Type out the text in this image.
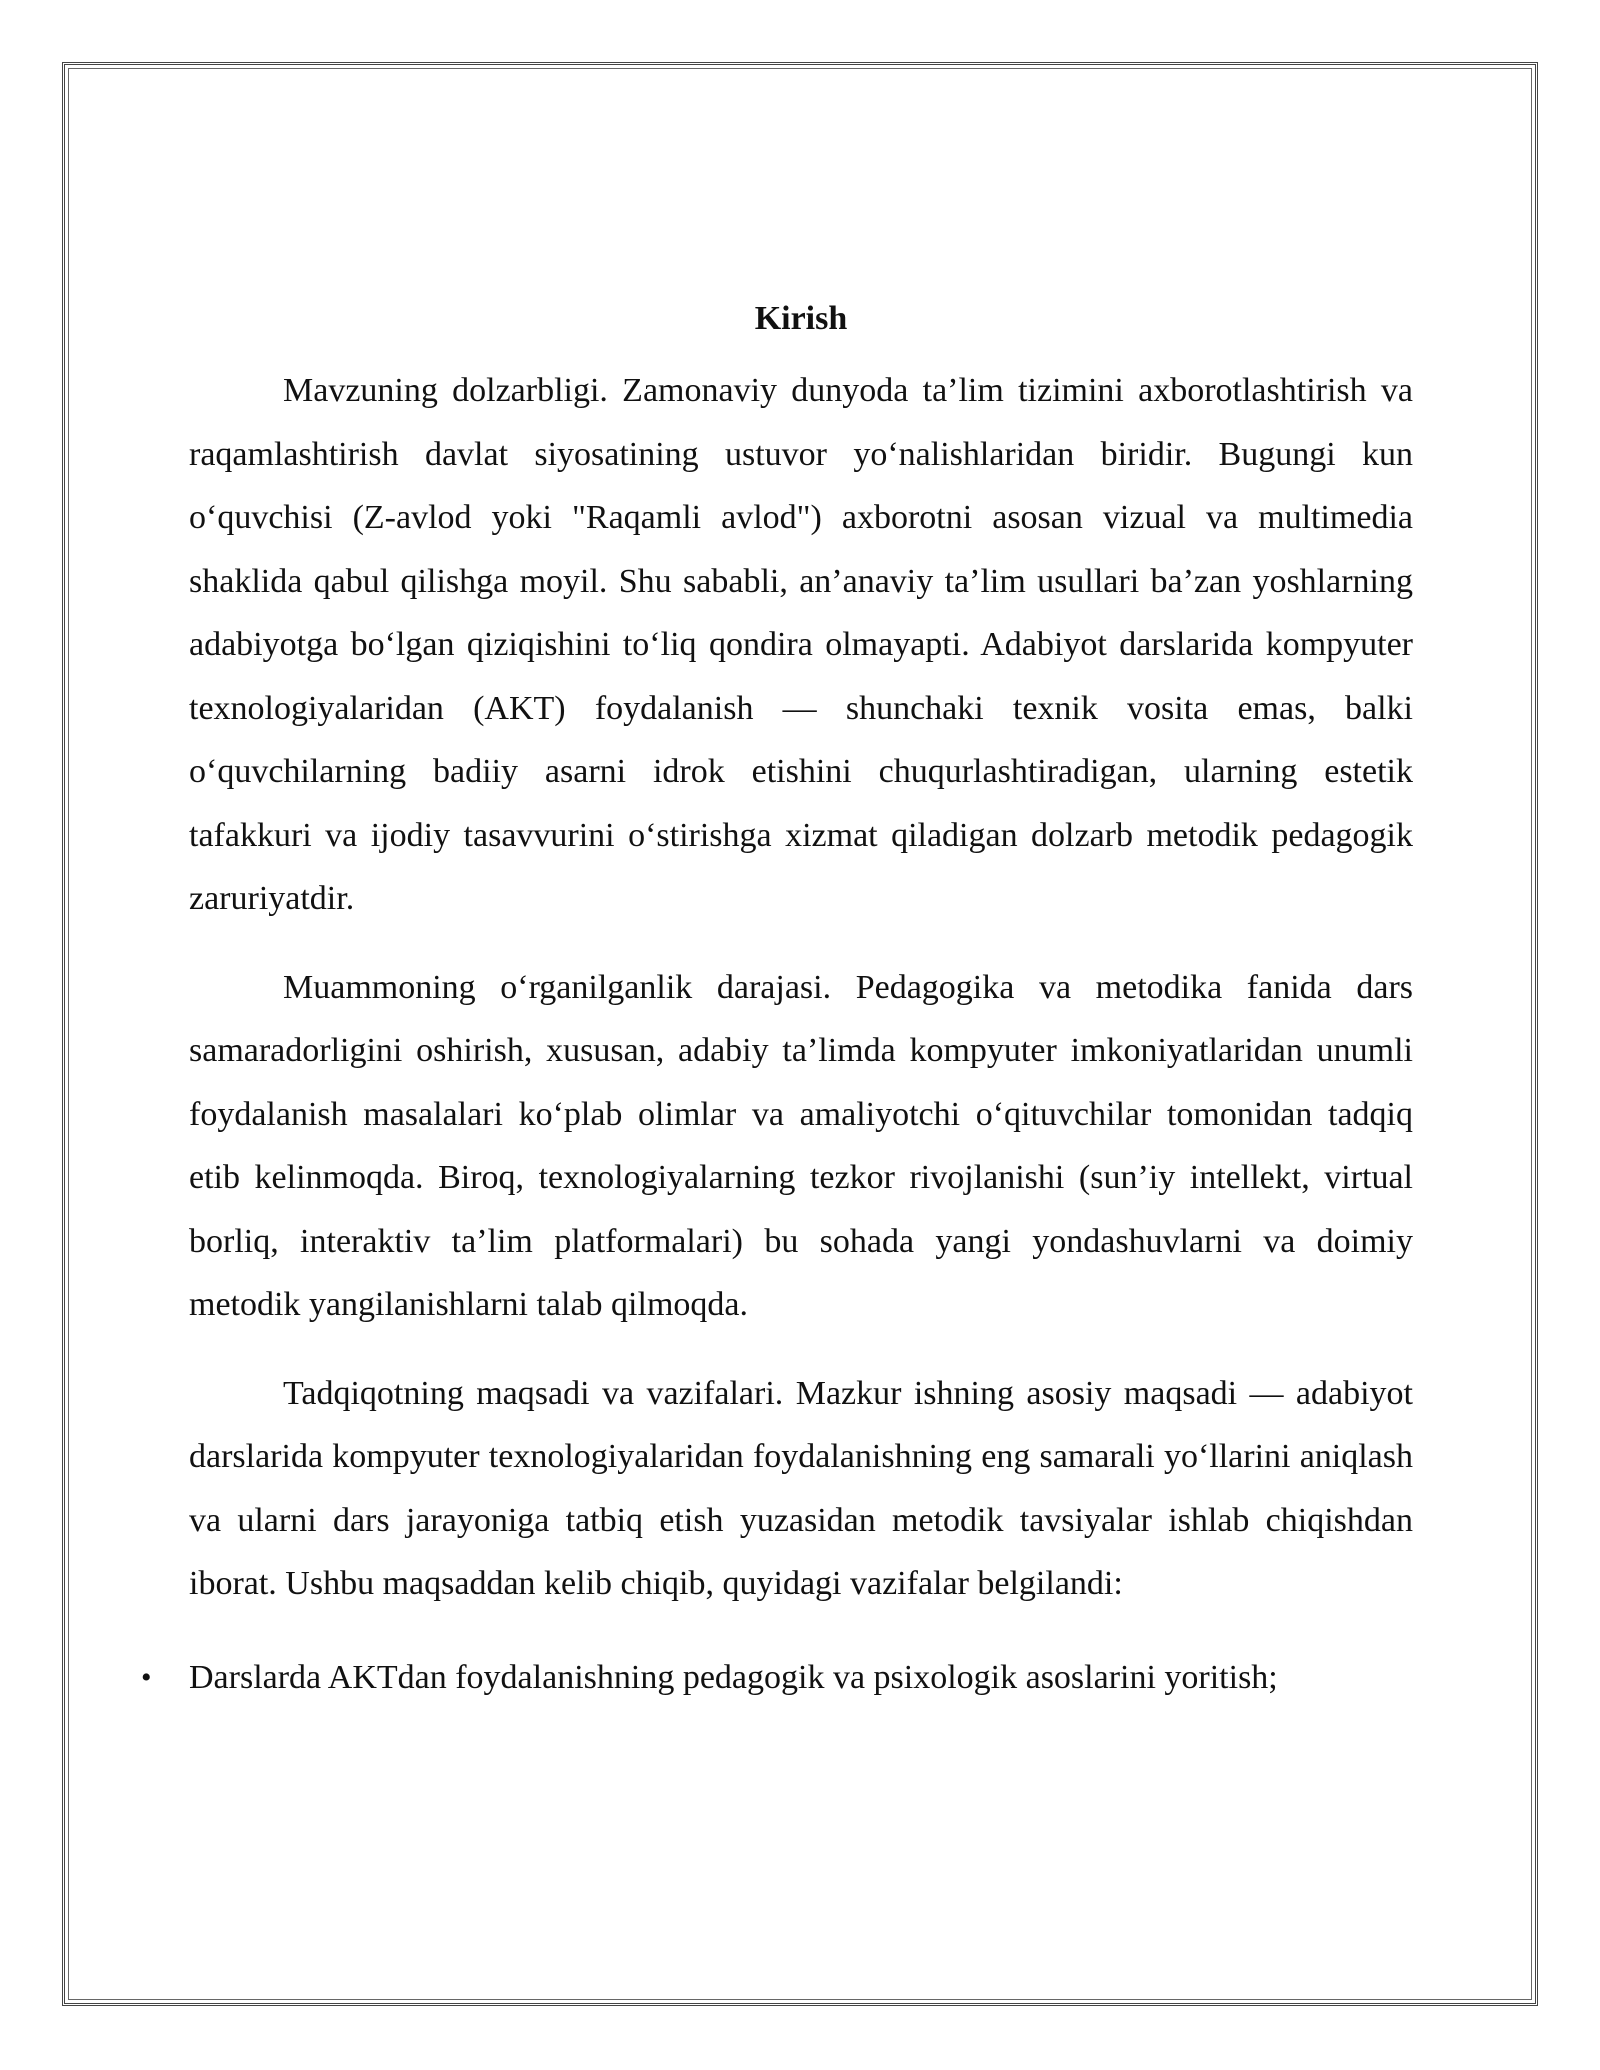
Kirish

Mavzuning dolzarbligi. Zamonaviy dunyoda ta’lim tizimini axborotlashtirish va raqamlashtirish davlat siyosatining ustuvor yo‘nalishlaridan biridir. Bugungi kun o‘quvchisi (Z-avlod yoki "Raqamli avlod") axborotni asosan vizual va multimedia shaklida qabul qilishga moyil. Shu sababli, an’anaviy ta’lim usullari ba’zan yoshlarning adabiyotga bo‘lgan qiziqishini to‘liq qondira olmayapti. Adabiyot darslarida kompyuter texnologiyalaridan (AKT) foydalanish — shunchaki texnik vosita emas, balki o‘quvchilarning badiiy asarni idrok etishini chuqurlashtiradigan, ularning estetik tafakkuri va ijodiy tasavvurini o‘stirishga xizmat qiladigan dolzarb metodik pedagogik zaruriyatdir.

Muammoning o‘rganilganlik darajasi. Pedagogika va metodika fanida dars samaradorligini oshirish, xususan, adabiy ta’limda kompyuter imkoniyatlaridan unumli foydalanish masalalari ko‘plab olimlar va amaliyotchi o‘qituvchilar tomonidan tadqiq etib kelinmoqda. Biroq, texnologiyalarning tezkor rivojlanishi (sun’iy intellekt, virtual borliq, interaktiv ta’lim platformalari) bu sohada yangi yondashuvlarni va doimiy metodik yangilanishlarni talab qilmoqda.

Tadqiqotning maqsadi va vazifalari. Mazkur ishning asosiy maqsadi — adabiyot darslarida kompyuter texnologiyalaridan foydalanishning eng samarali yo‘llarini aniqlash va ularni dars jarayoniga tatbiq etish yuzasidan metodik tavsiyalar ishlab chiqishdan iborat. Ushbu maqsaddan kelib chiqib, quyidagi vazifalar belgilandi:

• Darslarda AKTdan foydalanishning pedagogik va psixologik asoslarini yoritish;
